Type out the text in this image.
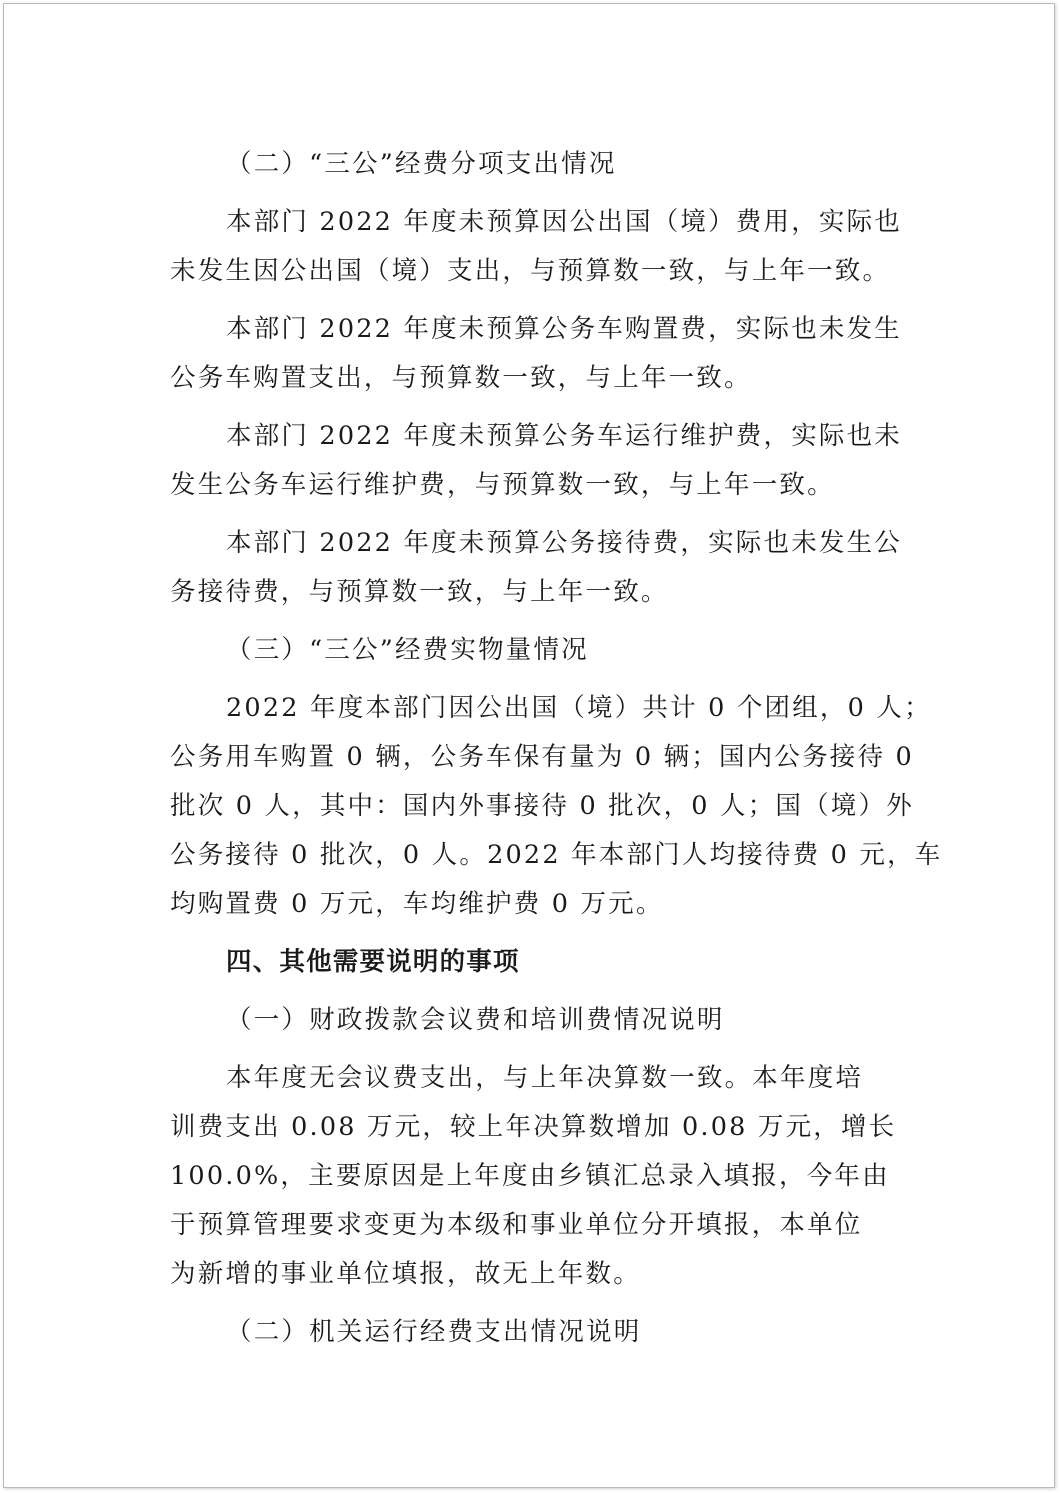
（二）“三公”经费分项支出情况
本部门 2022 年度未预算因公出国（境）费用，实际也
未发生因公出国（境）支出，与预算数一致，与上年一致。
本部门 2022 年度未预算公务车购置费，实际也未发生
公务车购置支出，与预算数一致，与上年一致。
本部门 2022 年度未预算公务车运行维护费，实际也未
发生公务车运行维护费，与预算数一致，与上年一致。
本部门 2022 年度未预算公务接待费，实际也未发生公
务接待费，与预算数一致，与上年一致。
（三）“三公”经费实物量情况
2022 年度本部门因公出国（境）共计 0 个团组，0 人；
公务用车购置 0 辆，公务车保有量为 0 辆；国内公务接待 0
批次 0 人，其中：国内外事接待 0 批次，0 人；国（境）外
公务接待 0 批次，0 人。2022 年本部门人均接待费 0 元，车
均购置费 0 万元，车均维护费 0 万元。
四、其他需要说明的事项
（一）财政拨款会议费和培训费情况说明
本年度无会议费支出，与上年决算数一致。本年度培
训费支出 0.08 万元，较上年决算数增加 0.08 万元，增长
100.0%，主要原因是上年度由乡镇汇总录入填报，今年由
于预算管理要求变更为本级和事业单位分开填报，本单位
为新增的事业单位填报，故无上年数。
（二）机关运行经费支出情况说明
